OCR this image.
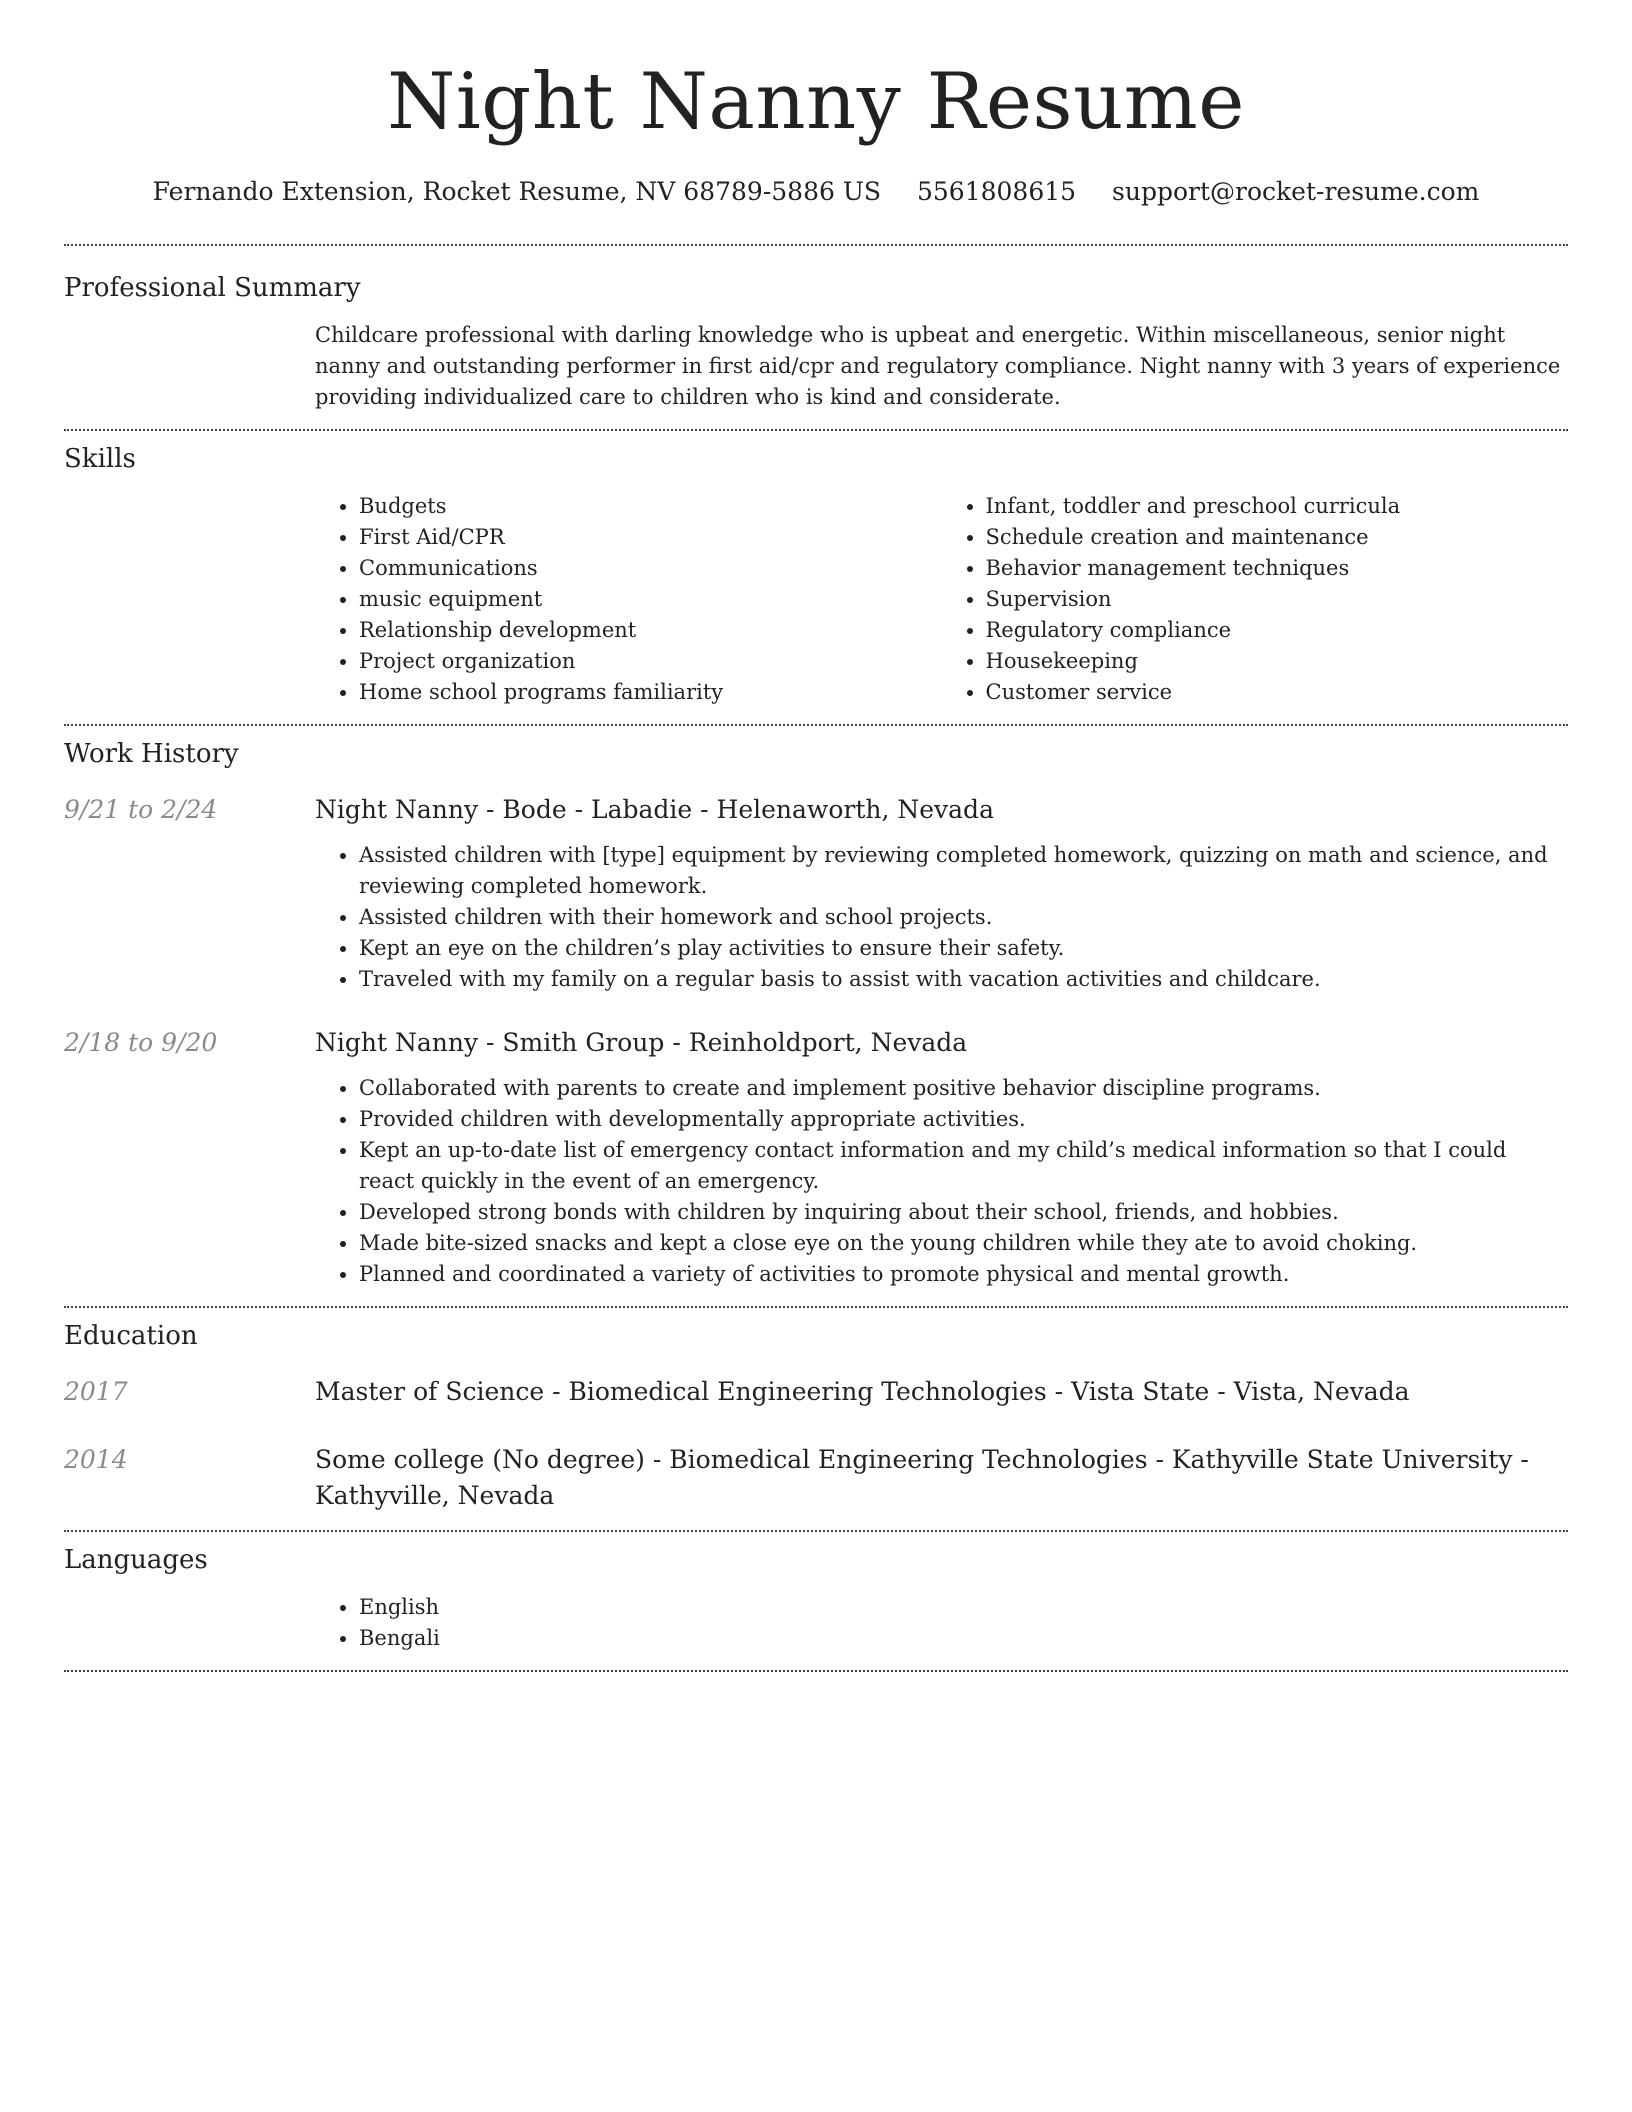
Night Nanny Resume
Fernando Extension, Rocket Resume, NV 68789-5886 US 5561808615 support@rocket-resume.com
Professional Summary

Childcare professional with darling knowledge who is upbeat and energetic. Within miscellaneous, senior night nanny and outstanding performer in first aid/cpr and regulatory compliance. Night nanny with 3 years of experience providing individualized care to children who is kind and considerate.

Skills
• Budgets
• First Aid/CPR
• Communications
• music equipment
• Relationship development
• Project organization
• Home school programs familiarity
• Infant, toddler and preschool curricula
• Schedule creation and maintenance
• Behavior management techniques
• Supervision
• Regulatory compliance
• Housekeeping
• Customer service
Work History
9/21 to 2/24	Night Nanny - Bode - Labadie - Helenaworth, Nevada
• Assisted children with [type] equipment by reviewing completed homework, quizzing on math and science, and reviewing completed homework.
• Assisted children with their homework and school projects.
• Kept an eye on the children’s play activities to ensure their safety.
• Traveled with my family on a regular basis to assist with vacation activities and childcare.
2/18 to 9/20	Night Nanny - Smith Group - Reinholdport, Nevada
• Collaborated with parents to create and implement positive behavior discipline programs.
• Provided children with developmentally appropriate activities.
• Kept an up-to-date list of emergency contact information and my child’s medical information so that I could react quickly in the event of an emergency.
• Developed strong bonds with children by inquiring about their school, friends, and hobbies.
• Made bite-sized snacks and kept a close eye on the young children while they ate to avoid choking.
• Planned and coordinated a variety of activities to promote physical and mental growth.
Education
2017	Master of Science - Biomedical Engineering Technologies - Vista State - Vista, Nevada
2014	Some college (No degree) - Biomedical Engineering Technologies - Kathyville State University - Kathyville, Nevada
Languages
• English
• Bengali
